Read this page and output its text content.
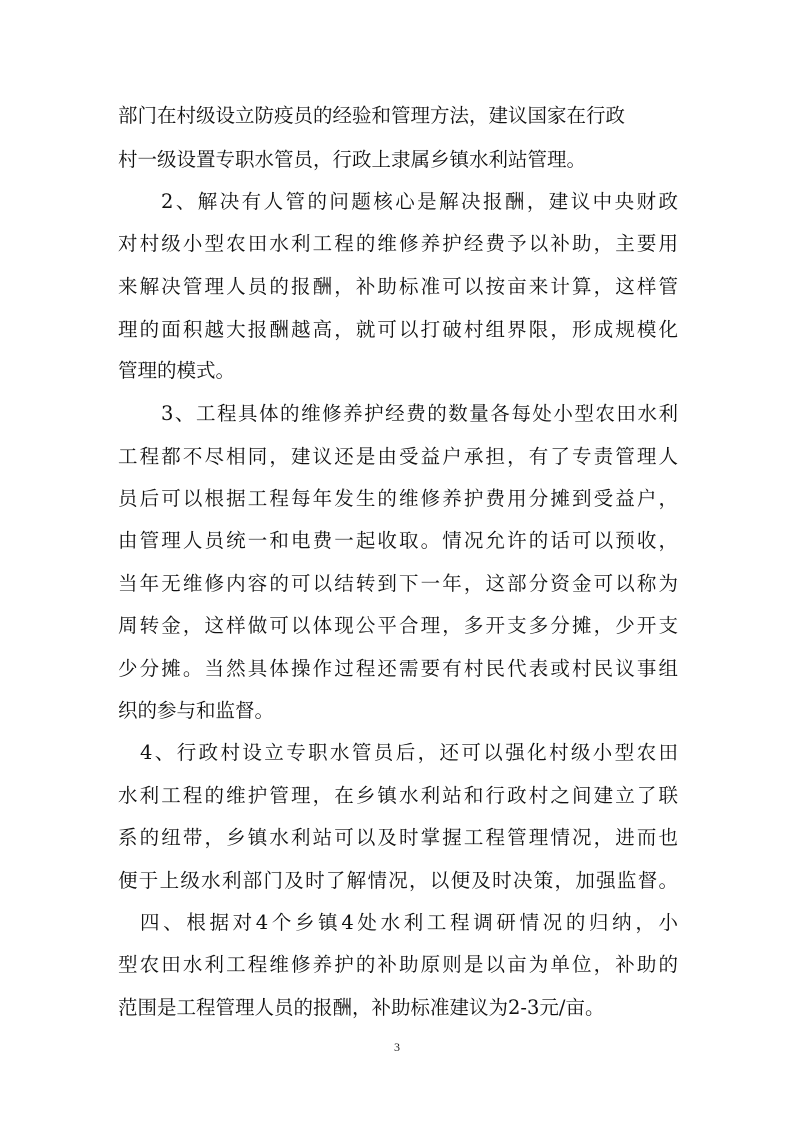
部门在村级设立防疫员的经验和管理方法，建议国家在行政
村一级设置专职水管员，行政上隶属乡镇水利站管理。
2、解决有人管的问题核心是解决报酬，建议中央财政
对村级小型农田水利工程的维修养护经费予以补助，主要用
来解决管理人员的报酬，补助标准可以按亩来计算，这样管
理的面积越大报酬越高，就可以打破村组界限，形成规模化
管理的模式。
3、工程具体的维修养护经费的数量各每处小型农田水利
工程都不尽相同，建议还是由受益户承担，有了专责管理人
员后可以根据工程每年发生的维修养护费用分摊到受益户，
由管理人员统一和电费一起收取。情况允许的话可以预收，
当年无维修内容的可以结转到下一年，这部分资金可以称为
周转金，这样做可以体现公平合理，多开支多分摊，少开支
少分摊。当然具体操作过程还需要有村民代表或村民议事组
织的参与和监督。
4、行政村设立专职水管员后，还可以强化村级小型农田
水利工程的维护管理，在乡镇水利站和行政村之间建立了联
系的纽带，乡镇水利站可以及时掌握工程管理情况，进而也
便于上级水利部门及时了解情况，以便及时决策，加强监督。
四、根据对4个乡镇4处水利工程调研情况的归纳，小
型农田水利工程维修养护的补助原则是以亩为单位，补助的
范围是工程管理人员的报酬，补助标准建议为2-3元/亩。
3
